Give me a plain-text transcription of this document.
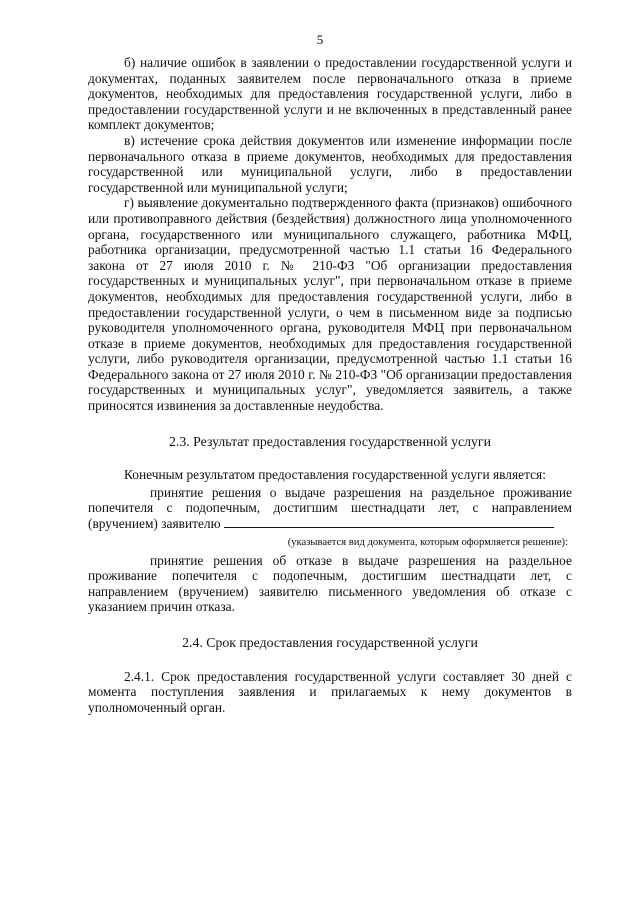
5

б) наличие ошибок в заявлении о предоставлении государственной услуги и документах, поданных заявителем после первоначального отказа в приеме документов, необходимых для предоставления государственной услуги, либо в предоставлении государственной услуги и не включенных в представленный ранее комплект документов;

в) истечение срока действия документов или изменение информации после первоначального отказа в приеме документов, необходимых для предоставления государственной или муниципальной услуги, либо в предоставлении государственной или муниципальной услуги;

г) выявление документально подтвержденного факта (признаков) ошибочного или противоправного действия (бездействия) должностного лица уполномоченного органа, государственного или муниципального служащего, работника МФЦ, работника организации, предусмотренной частью 1.1 статьи 16 Федерального закона от 27 июля 2010 г. № 210-ФЗ "Об организации предоставления государственных и муниципальных услуг", при первоначальном отказе в приеме документов, необходимых для предоставления государственной услуги, либо в предоставлении государственной услуги, о чем в письменном виде за подписью руководителя уполномоченного органа, руководителя МФЦ при первоначальном отказе в приеме документов, необходимых для предоставления государственной услуги, либо руководителя организации, предусмотренной частью 1.1 статьи 16 Федерального закона от 27 июля 2010 г. № 210-ФЗ "Об организации предоставления государственных и муниципальных услуг", уведомляется заявитель, а также приносятся извинения за доставленные неудобства.

2.3. Результат предоставления государственной услуги

Конечным результатом предоставления государственной услуги является:

принятие решения о выдаче разрешения на раздельное проживание попечителя с подопечным, достигшим шестнадцати лет, с направлением (вручением) заявителю

(указывается вид документа, которым оформляется решение):

принятие решения об отказе в выдаче разрешения на раздельное проживание попечителя с подопечным, достигшим шестнадцати лет, с направлением (вручением) заявителю письменного уведомления об отказе с указанием причин отказа.

2.4. Срок предоставления государственной услуги

2.4.1. Срок предоставления государственной услуги составляет 30 дней с момента поступления заявления и прилагаемых к нему документов в уполномоченный орган.
